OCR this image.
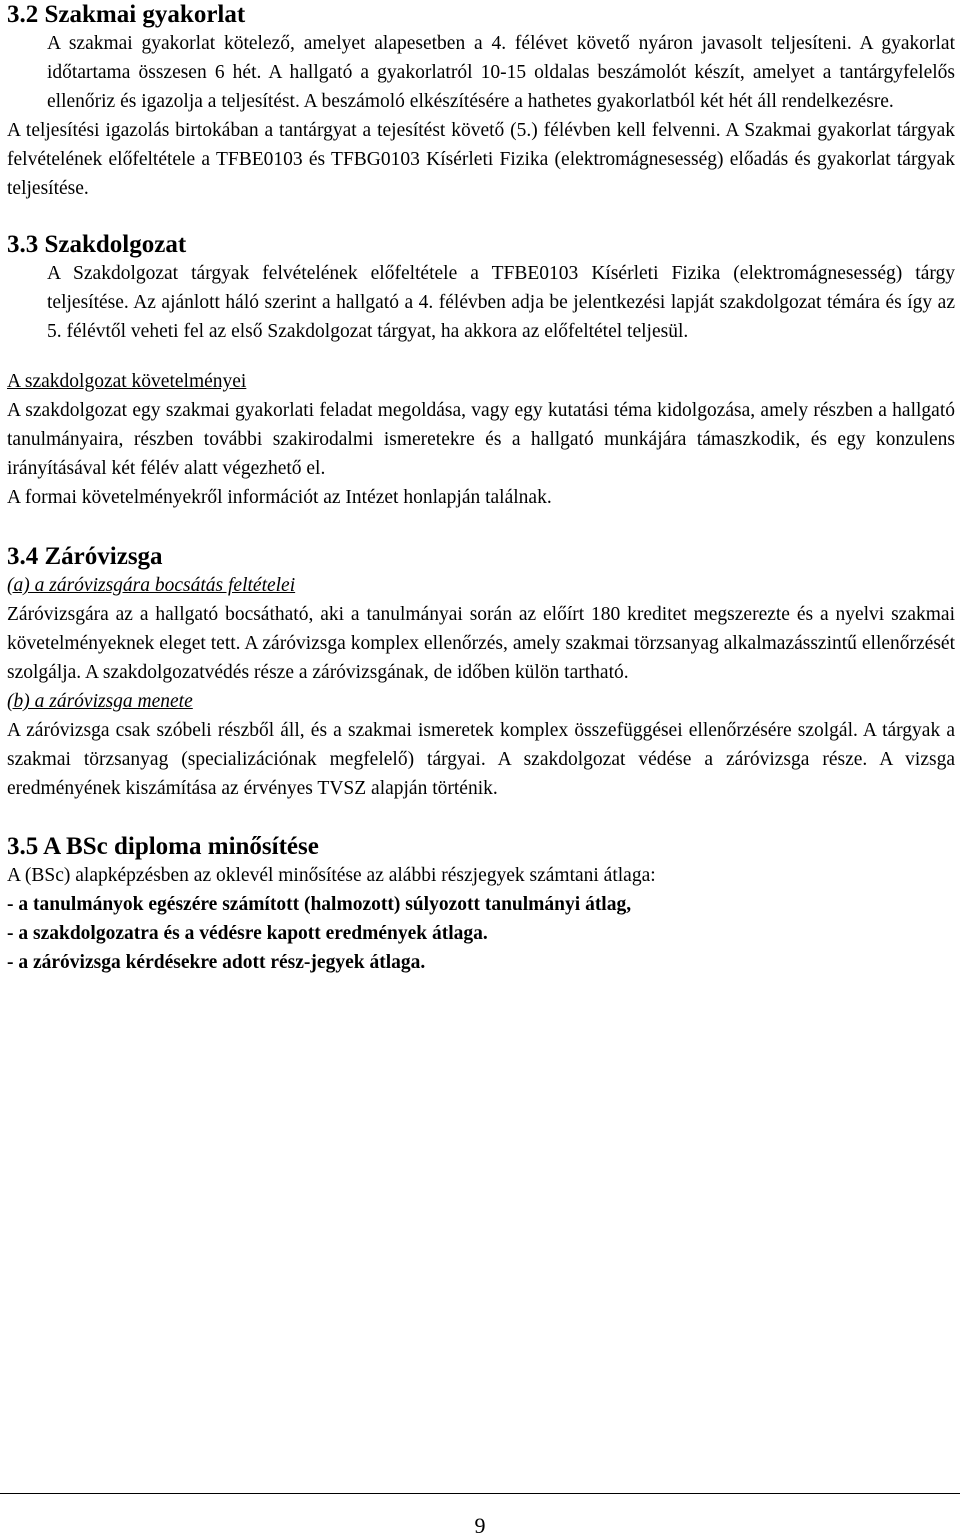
3.2 Szakmai gyakorlat

A szakmai gyakorlat kötelező, amelyet alapesetben a 4. félévet követő nyáron javasolt teljesíteni. A gyakorlat időtartama összesen 6 hét. A hallgató a gyakorlatról 10-15 oldalas beszámolót készít, amelyet a tantárgyfelelős ellenőriz és igazolja a teljesítést. A beszámoló elkészítésére a hathetes gyakorlatból két hét áll rendelkezésre.

A teljesítési igazolás birtokában a tantárgyat a tejesítést követő (5.) félévben kell felvenni. A Szakmai gyakorlat tárgyak felvételének előfeltétele a TFBE0103 és TFBG0103 Kísérleti Fizika (elektromágnesesség) előadás és gyakorlat tárgyak teljesítése.

3.3 Szakdolgozat

A Szakdolgozat tárgyak felvételének előfeltétele a TFBE0103 Kísérleti Fizika (elektromágnesesség) tárgy teljesítése. Az ajánlott háló szerint a hallgató a 4. félévben adja be jelentkezési lapját szakdolgozat témára és így az 5. félévtől veheti fel az első Szakdolgozat tárgyat, ha akkora az előfeltétel teljesül.

A szakdolgozat követelményei

A szakdolgozat egy szakmai gyakorlati feladat megoldása, vagy egy kutatási téma kidolgozása, amely részben a hallgató tanulmányaira, részben további szakirodalmi ismeretekre és a hallgató munkájára támaszkodik, és egy konzulens irányításával két félév alatt végezhető el.

A formai követelményekről információt az Intézet honlapján találnak.

3.4 Záróvizsga

(a) a záróvizsgára bocsátás feltételei

Záróvizsgára az a hallgató bocsátható, aki a tanulmányai során az előírt 180 kreditet megszerezte és a nyelvi szakmai követelményeknek eleget tett. A záróvizsga komplex ellenőrzés, amely szakmai törzsanyag alkalmazásszintű ellenőrzését szolgálja. A szakdolgozatvédés része a záróvizsgának, de időben külön tartható.

(b) a záróvizsga menete

A záróvizsga csak szóbeli részből áll, és a szakmai ismeretek komplex összefüggései ellenőrzésére szolgál. A tárgyak a szakmai törzsanyag (specializációnak megfelelő) tárgyai. A szakdolgozat védése a záróvizsga része. A vizsga eredményének kiszámítása az érvényes TVSZ alapján történik.

3.5 A BSc diploma minősítése

A (BSc) alapképzésben az oklevél minősítése az alábbi részjegyek számtani átlaga:

- a tanulmányok egészére számított (halmozott) súlyozott tanulmányi átlag,

- a szakdolgozatra és a védésre kapott eredmények átlaga.

- a záróvizsga kérdésekre adott rész-jegyek átlaga.

9
